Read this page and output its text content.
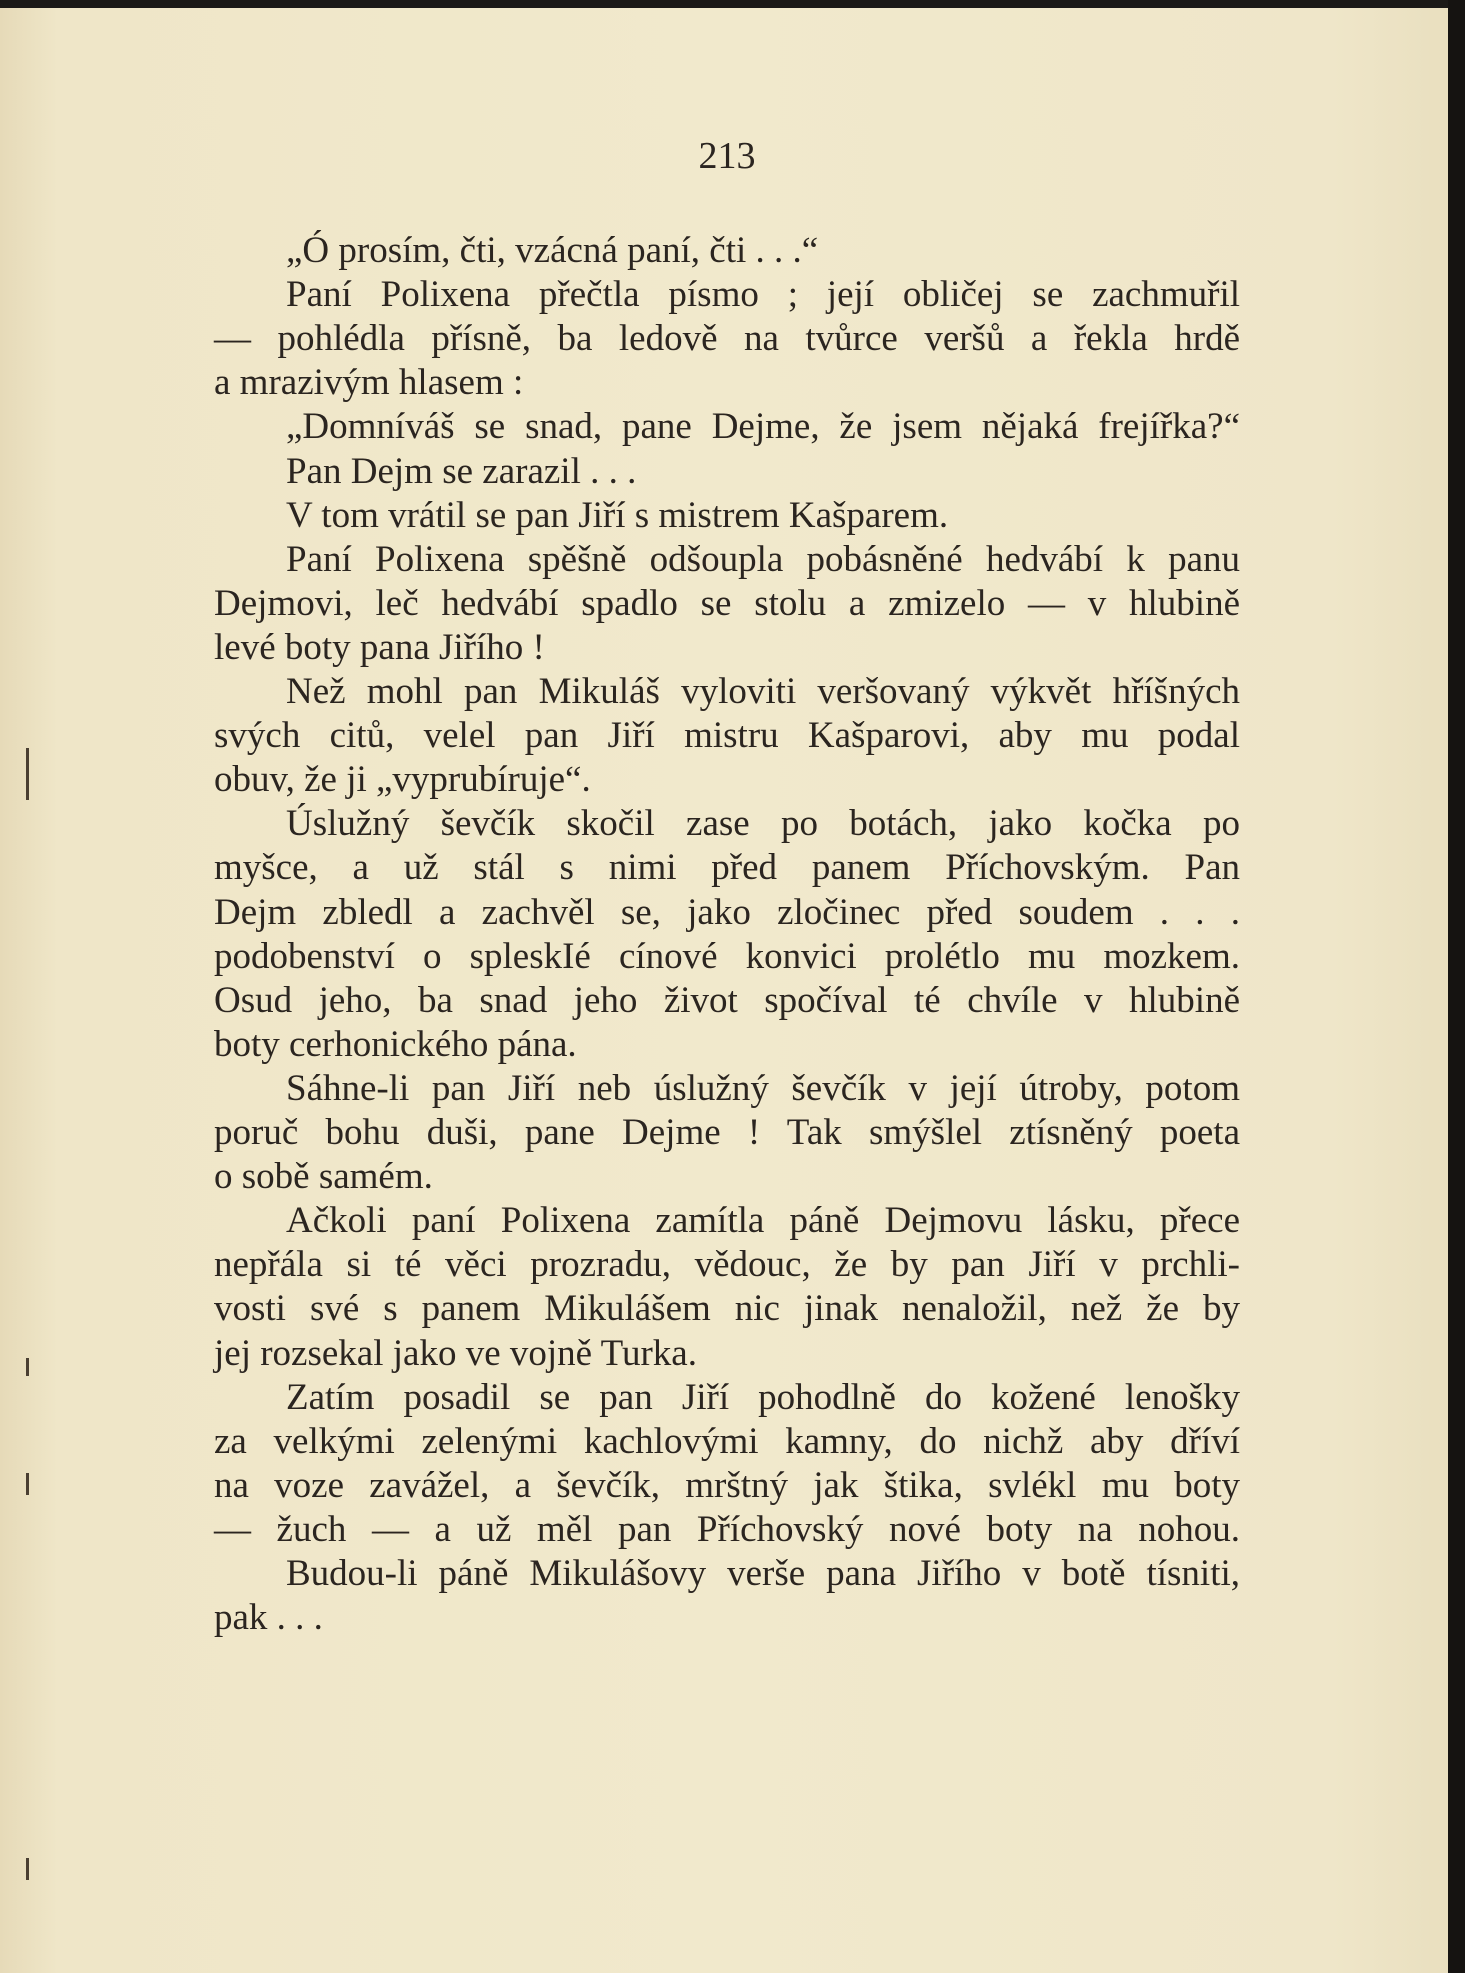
213
„Ó prosím, čti, vzácná paní, čti . . .“
Paní Polixena přečtla písmo ; její obličej se zachmuřil
— pohlédla přísně, ba ledově na tvůrce veršů a řekla hrdě
a mrazivým hlasem :
„Domníváš se snad, pane Dejme, že jsem nějaká frejířka?“
Pan Dejm se zarazil . . .
V tom vrátil se pan Jiří s mistrem Kašparem.
Paní Polixena spěšně odšoupla pobásněné hedvábí k panu
Dejmovi, leč hedvábí spadlo se stolu a zmizelo — v hlubině
levé boty pana Jiřího !
Než mohl pan Mikuláš vyloviti veršovaný výkvět hříšných
svých citů, velel pan Jiří mistru Kašparovi, aby mu podal
obuv, že ji „vyprubíruje“.
Úslužný ševčík skočil zase po botách, jako kočka po
myšce, a už stál s nimi před panem Příchovským. Pan
Dejm zbledl a zachvěl se, jako zločinec před soudem . . .
podobenství o spleskIé cínové konvici prolétlo mu mozkem.
Osud jeho, ba snad jeho život spočíval té chvíle v hlubině
boty cerhonického pána.
Sáhne-li pan Jiří neb úslužný ševčík v její útroby, potom
poruč bohu duši, pane Dejme ! Tak smýšlel ztísněný poeta
o sobě samém.
Ačkoli paní Polixena zamítla páně Dejmovu lásku, přece
nepřála si té věci prozradu, vědouc, že by pan Jiří v prchli-
vosti své s panem Mikulášem nic jinak nenaložil, než že by
jej rozsekal jako ve vojně Turka.
Zatím posadil se pan Jiří pohodlně do kožené lenošky
za velkými zelenými kachlovými kamny, do nichž aby dříví
na voze zavážel, a ševčík, mrštný jak štika, svlékl mu boty
— žuch — a už měl pan Příchovský nové boty na nohou.
Budou-li páně Mikulášovy verše pana Jiřího v botě tísniti,
pak . . .
